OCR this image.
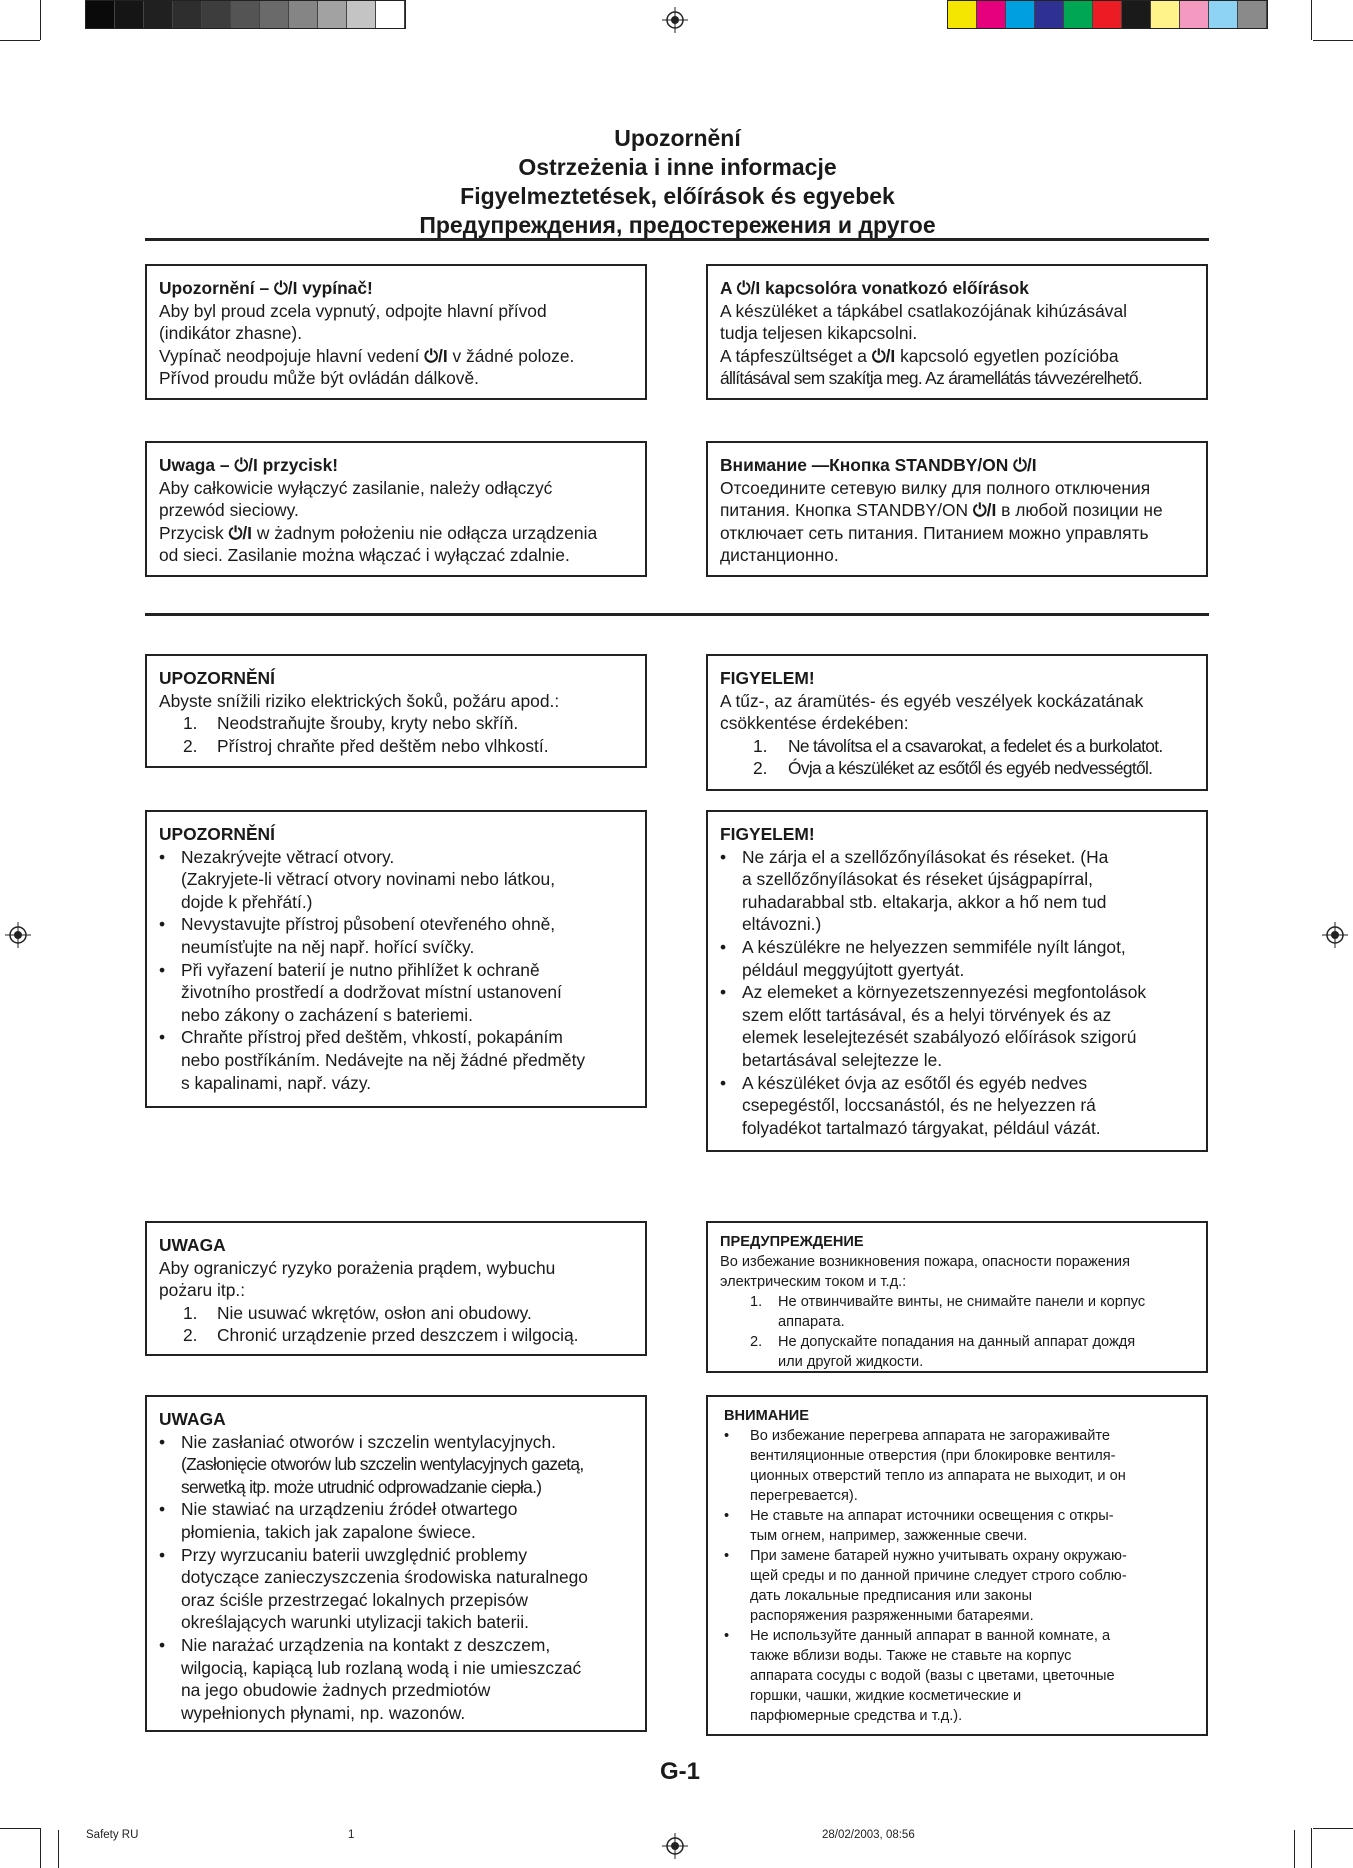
Upozornění
Ostrzeżenia i inne informacje
Figyelmeztetések, előírások és egyebek
Предупреждения, предостережения и другое
Upozornění – ⏻/I vypínač!
Aby byl proud zcela vypnutý, odpojte hlavní přívod
(indikátor zhasne).
Vypínač neodpojuje hlavní vedení ⏻/I v žádné poloze.
Přívod proudu může být ovládán dálkově.
A ⏻/I kapcsolóra vonatkozó előírások
A készüléket a tápkábel csatlakozójának kihúzásával
tudja teljesen kikapcsolni.
A tápfeszültséget a ⏻/I kapcsoló egyetlen pozícióba
állításával sem szakítja meg. Az áramellátás távvezérelhető.
Uwaga – ⏻/I przycisk!
Aby całkowicie wyłączyć zasilanie, należy odłączyć
przewód sieciowy.
Przycisk ⏻/I w żadnym położeniu nie odłącza urządzenia
od sieci. Zasilanie można włączać i wyłączać zdalnie.
Внимание —Кнопка STANDBY/ON ⏻/I
Отсоедините сетевую вилку для полного отключения
питания. Кнопка STANDBY/ON ⏻/I в любой позиции не
отключает сеть питания. Питанием можно управлять
дистанционно.
UPOZORNĚNÍ
Abyste snížili riziko elektrických šoků, požáru apod.:
1.	Neodstraňujte šrouby, kryty nebo skříň.
2.	Přístroj chraňte před deštěm nebo vlhkostí.
FIGYELEM!
A tűz-, az áramütés- és egyéb veszélyek kockázatának
csökkentése érdekében:
1.	Ne távolítsa el a csavarokat, a fedelet és a burkolatot.
2.	Óvja a készüléket az esőtől és egyéb nedvességtől.
UPOZORNĚNÍ
• Nezakrývejte větrací otvory.
(Zakryjete-li větrací otvory novinami nebo látkou,
dojde k přehřátí.)
• Nevystavujte přístroj působení otevřeného ohně,
neumísťujte na něj např. hořící svíčky.
• Při vyřazení baterií je nutno přihlížet k ochraně
životního prostředí a dodržovat místní ustanovení
nebo zákony o zacházení s bateriemi.
• Chraňte přístroj před deštěm, vhkostí, pokapáním
nebo postříkáním. Nedávejte na něj žádné předměty
s kapalinami, např. vázy.
FIGYELEM!
• Ne zárja el a szellőzőnyílásokat és réseket. (Ha
a szellőzőnyílásokat és réseket újságpapírral,
ruhadarabbal stb. eltakarja, akkor a hő nem tud
eltávozni.)
• A készülékre ne helyezzen semmiféle nyílt lángot,
például meggyújtott gyertyát.
• Az elemeket a környezetszennyezési megfontolások
szem előtt tartásával, és a helyi törvények és az
elemek leselejtezését szabályozó előírások szigorú
betartásával selejtezze le.
• A készüléket óvja az esőtől és egyéb nedves
csepegéstől, loccsanástól, és ne helyezzen rá
folyadékot tartalmazó tárgyakat, például vázát.
UWAGA
Aby ograniczyć ryzyko porażenia prądem, wybuchu
pożaru itp.:
1.	Nie usuwać wkrętów, osłon ani obudowy.
2.	Chronić urządzenie przed deszczem i wilgocią.
ПРЕДУПРЕЖДЕНИЕ
Во избежание возникновения пожара, опасности поражения
электрическим током и т.д.:
1.	Не отвинчивайте винты, не снимайте панели и корпус
аппарата.
2.	Не допускайте попадания на данный аппарат дождя
или другой жидкости.
UWAGA
• Nie zasłaniać otworów i szczelin wentylacyjnych.
(Zasłonięcie otworów lub szczelin wentylacyjnych gazetą,
serwetką itp. może utrudnić odprowadzanie ciepła.)
• Nie stawiać na urządzeniu źródeł otwartego
płomienia, takich jak zapalone świece.
• Przy wyrzucaniu baterii uwzględnić problemy
dotyczące zanieczyszczenia środowiska naturalnego
oraz ściśle przestrzegać lokalnych przepisów
określających warunki utylizacji takich baterii.
• Nie narażać urządzenia na kontakt z deszczem,
wilgocią, kapiącą lub rozlaną wodą i nie umieszczać
na jego obudowie żadnych przedmiotów
wypełnionych płynami, np. wazonów.
ВНИМАНИЕ
•	Во избежание перегрева аппарата не загораживайте
вентиляционные отверстия (при блокировке вентиля-
ционных отверстий тепло из аппарата не выходит, и он
перегревается).
•	Не ставьте на аппарат источники освещения с откры-
тым огнем, например, зажженные свечи.
•	При замене батарей нужно учитывать охрану окружаю-
щей среды и по данной причине следует строго соблю-
дать локальные предписания или законы
распоряжения разряженными батареями.
•	Не используйте данный аппарат в ванной комнате, а
также вблизи воды. Также не ставьте на корпус
аппарата сосуды с водой (вазы с цветами, цветочные
горшки, чашки, жидкие косметические и
парфюмерные средства и т.д.).
G-1
Safety RU	1	28/02/2003, 08:56
